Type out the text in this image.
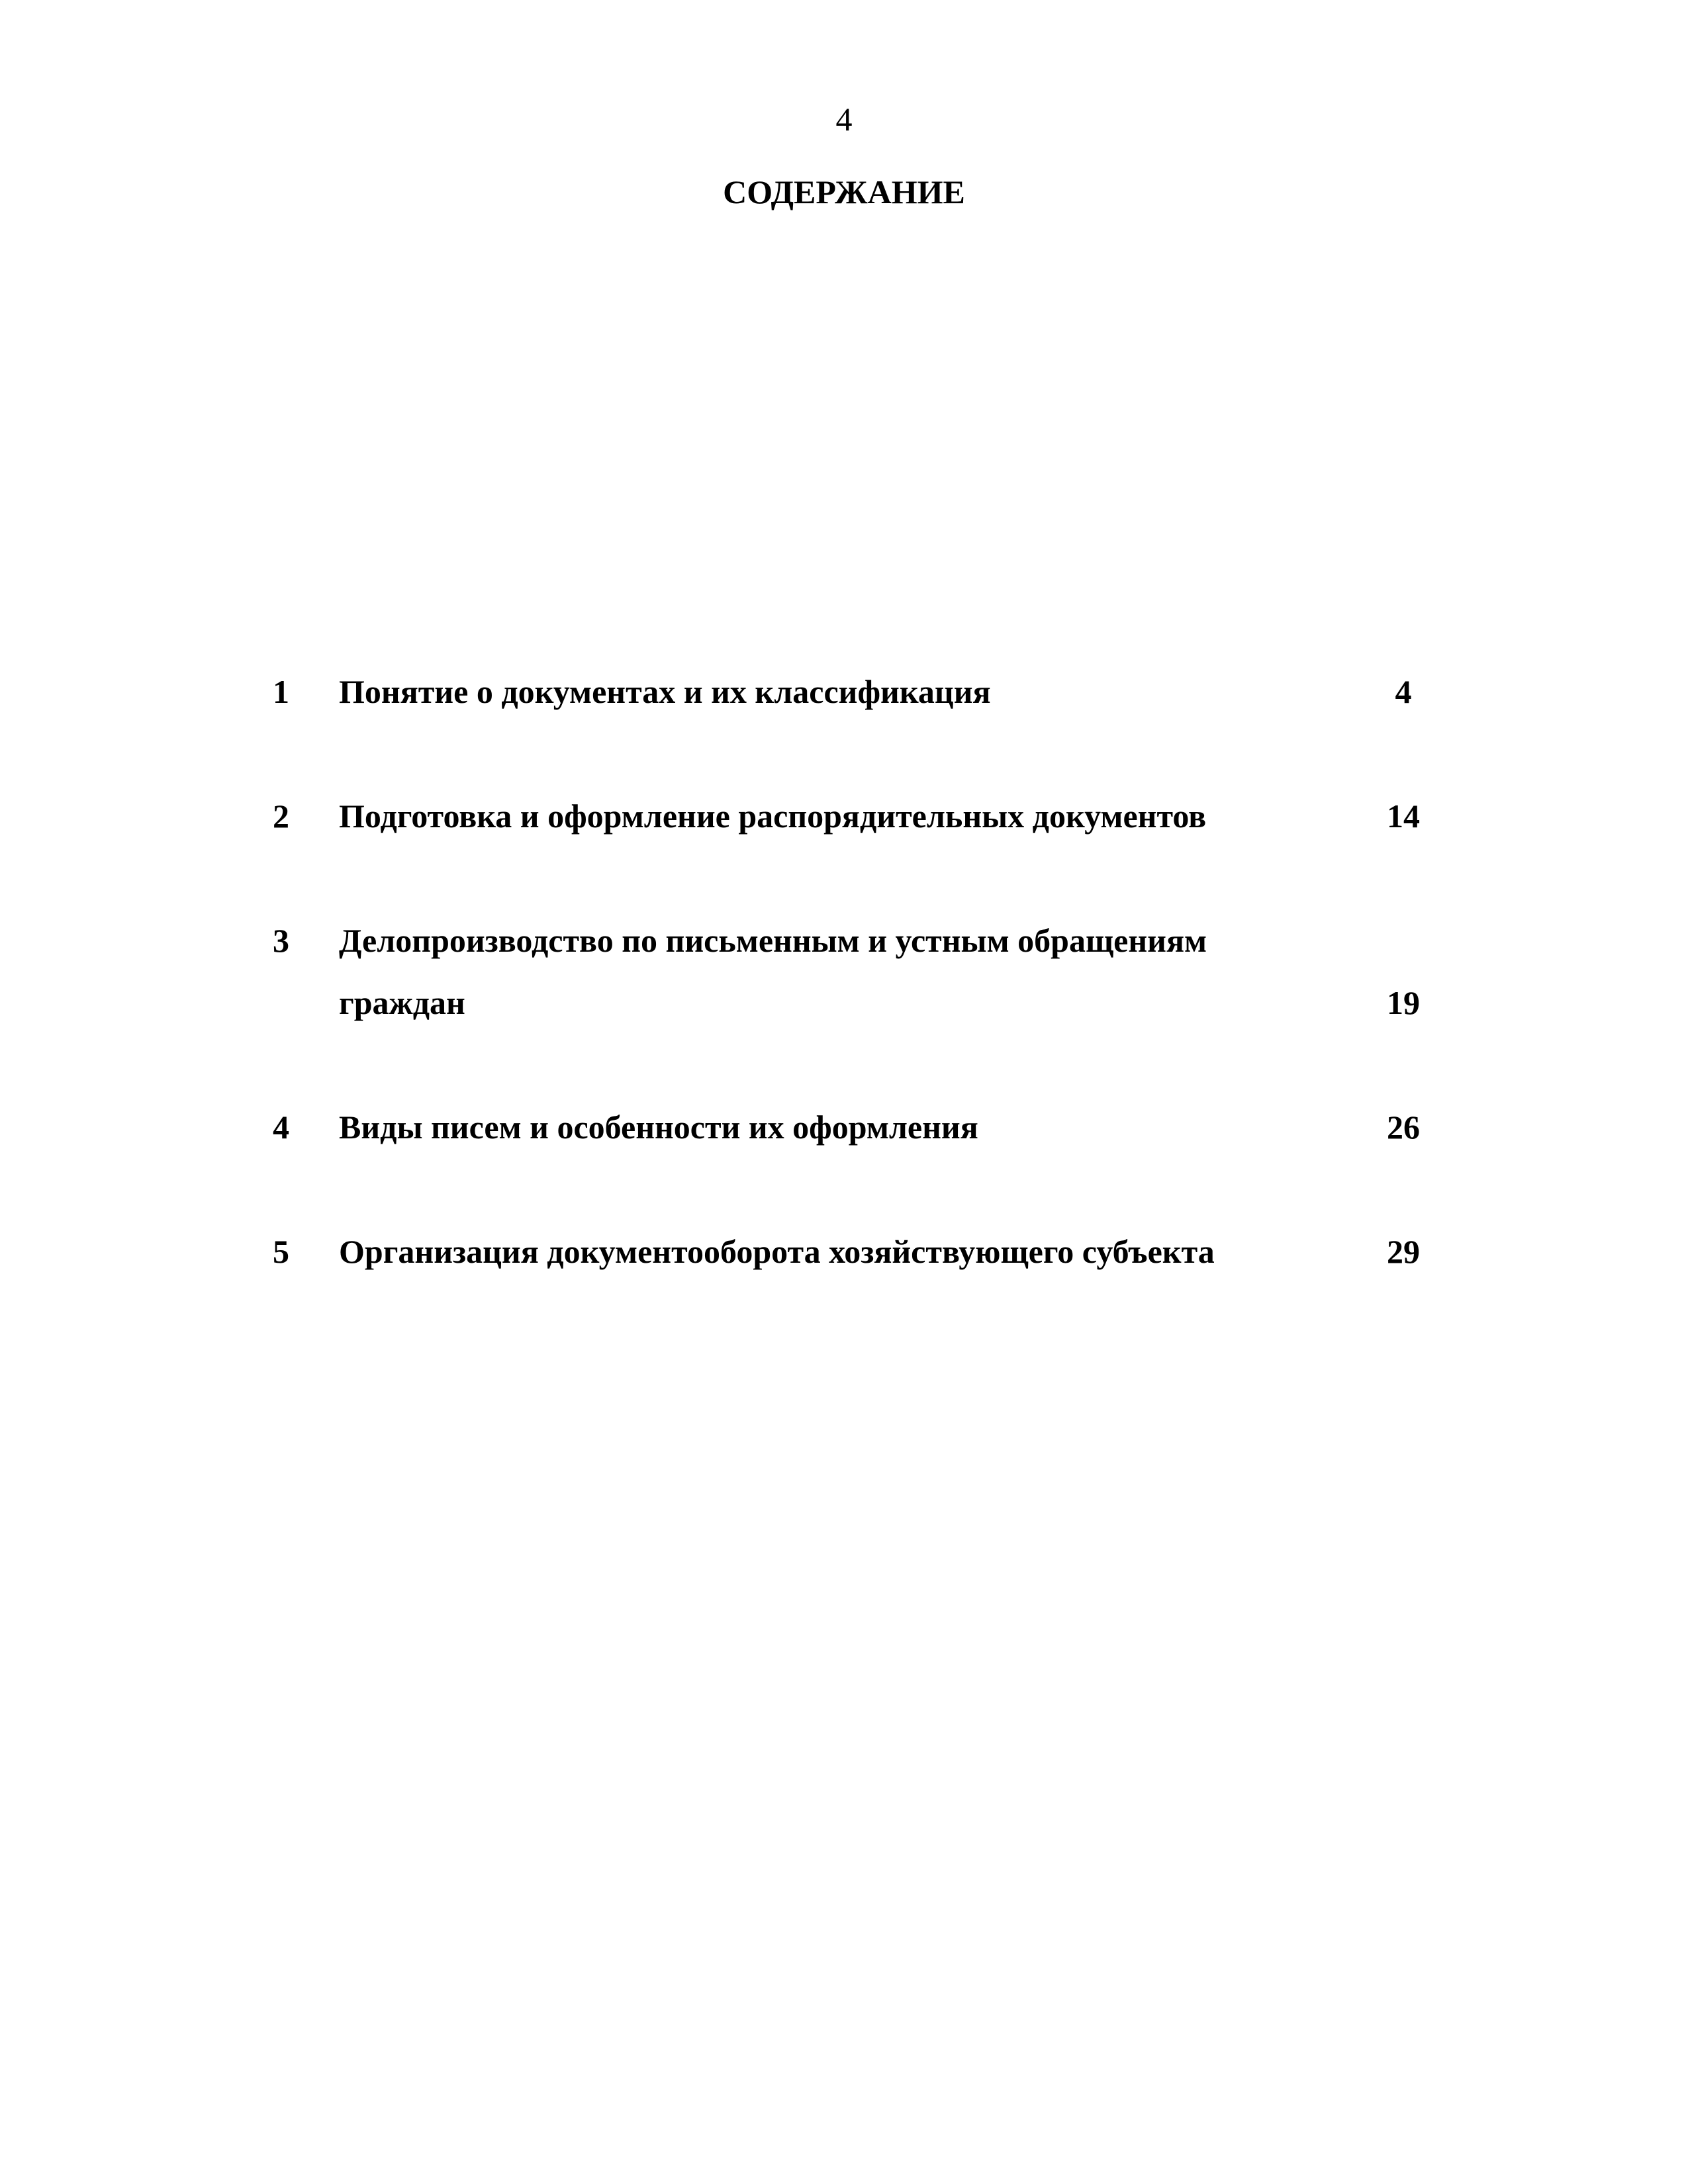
4
СОДЕРЖАНИЕ
1 Понятие о документах и их классификация	4
2 Подготовка и оформление распорядительных документов	14
3 Делопроизводство по письменным и устным обращениям граждан	19
4 Виды писем и особенности их оформления	26
5 Организация документооборота хозяйствующего субъекта	29
